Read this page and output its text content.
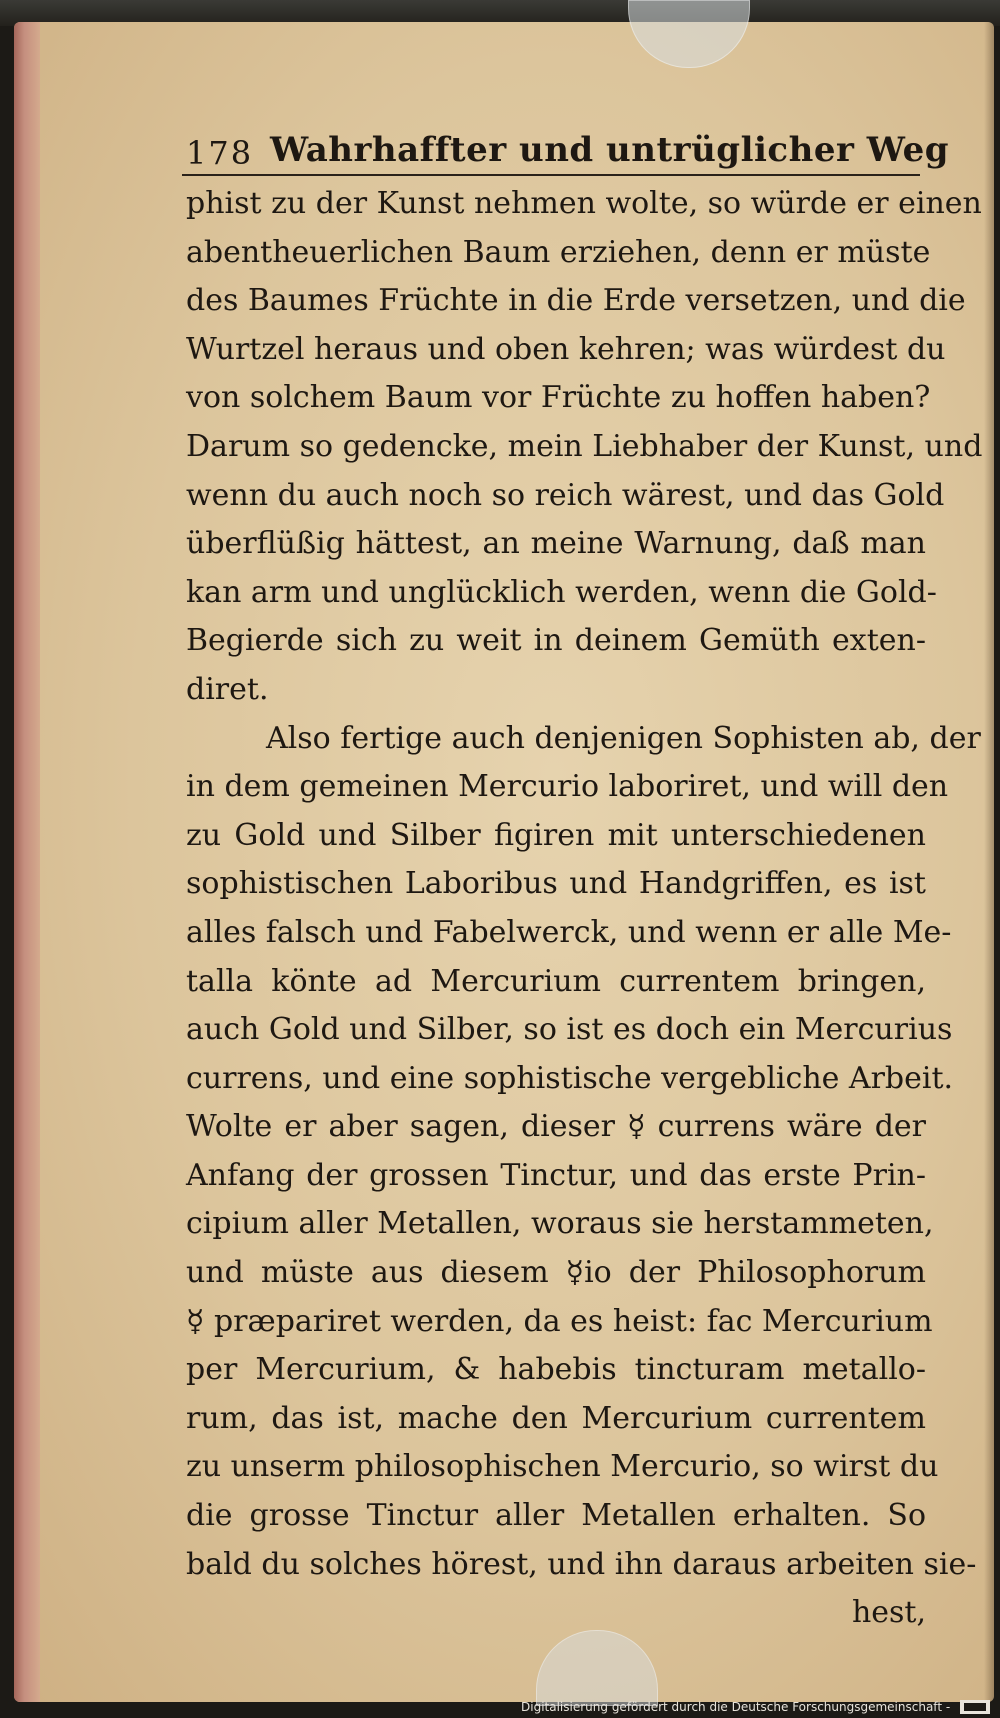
178 Wahrhaffter und untrüglicher Weg
phist zu der Kunst nehmen wolte, so würde er einen
abentheuerlichen Baum erziehen, denn er müste
des Baumes Früchte in die Erde versetzen, und die
Wurtzel heraus und oben kehren; was würdest du
von solchem Baum vor Früchte zu hoffen haben?
Darum so gedencke, mein Liebhaber der Kunst, und
wenn du auch noch so reich wärest, und das Gold
überflüßig hättest, an meine Warnung, daß man
kan arm und unglücklich werden, wenn die Gold-
Begierde sich zu weit in deinem Gemüth exten-
diret.
Also fertige auch denjenigen Sophisten ab, der
in dem gemeinen Mercurio laboriret, und will den
zu Gold und Silber figiren mit unterschiedenen
sophistischen Laboribus und Handgriffen, es ist
alles falsch und Fabelwerck, und wenn er alle Me-
talla könte ad Mercurium currentem bringen,
auch Gold und Silber, so ist es doch ein Mercurius
currens, und eine sophistische vergebliche Arbeit.
Wolte er aber sagen, dieser ☿ currens wäre der
Anfang der grossen Tinctur, und das erste Prin-
cipium aller Metallen, woraus sie herstammeten,
und müste aus diesem ☿io der Philosophorum
☿ præpariret werden, da es heist: fac Mercurium
per Mercurium, & habebis tincturam metallo-
rum, das ist, mache den Mercurium currentem
zu unserm philosophischen Mercurio, so wirst du
die grosse Tinctur aller Metallen erhalten. So
bald du solches hörest, und ihn daraus arbeiten sie-
hest,
Digitalisierung gefördert durch die Deutsche Forschungsgemeinschaft -
